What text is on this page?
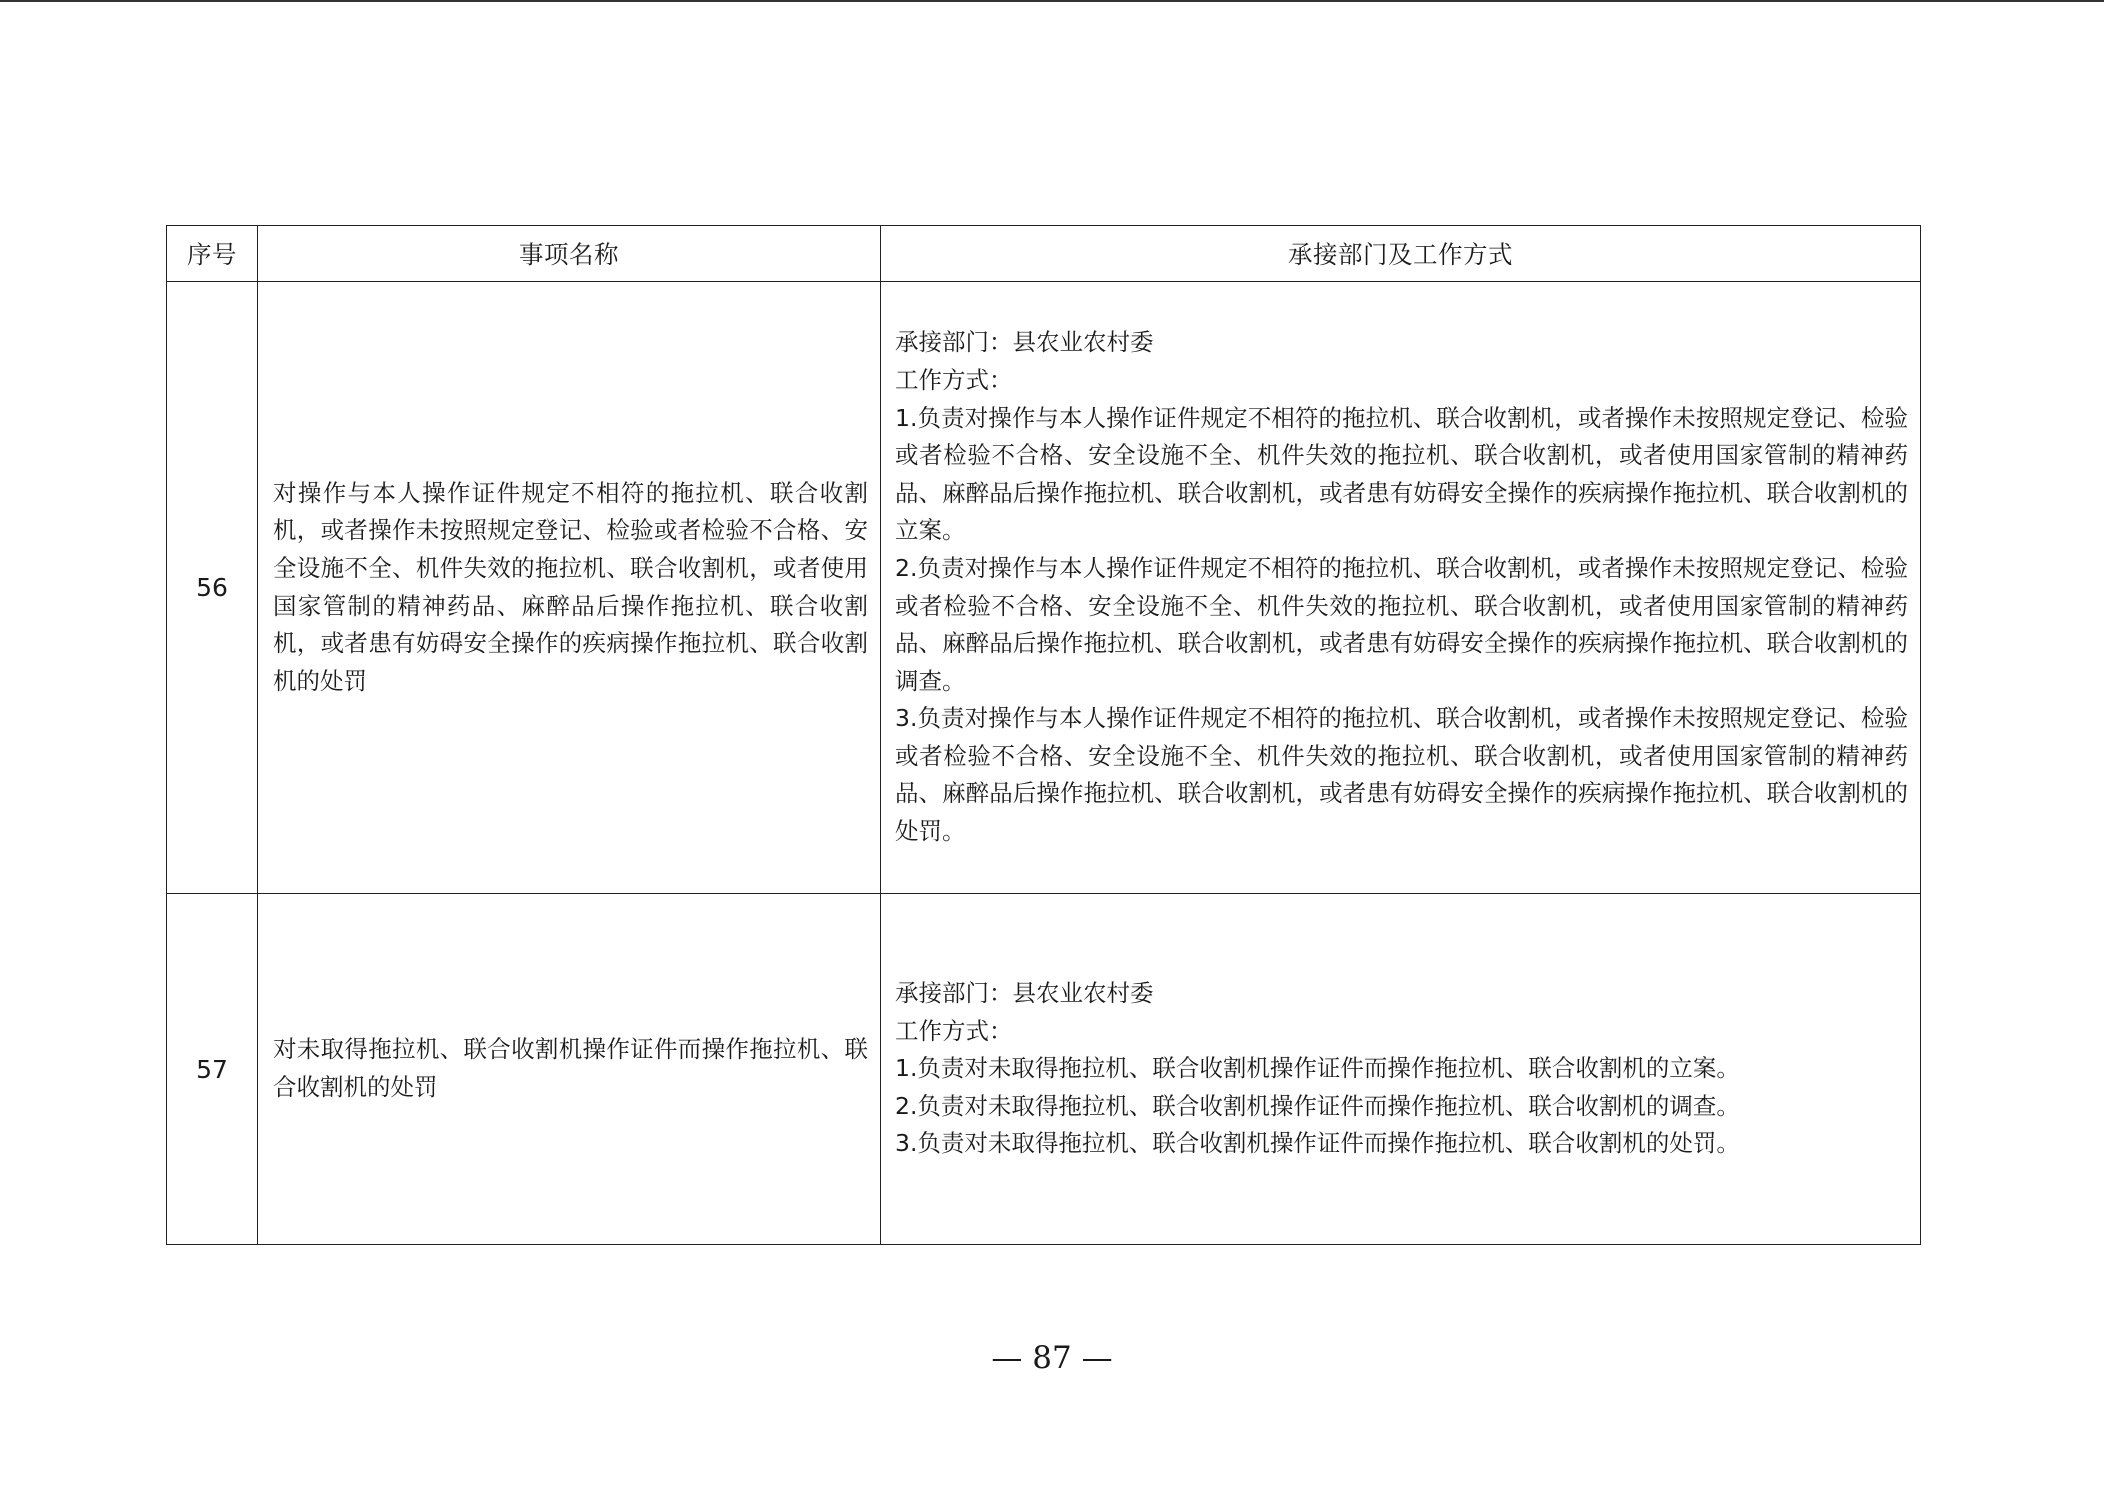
序号	事项名称	承接部门及工作方式
56	对操作与本人操作证件规定不相符的拖拉机、联合收割机，或者操作未按照规定登记、检验或者检验不合格、安全设施不全、机件失效的拖拉机、联合收割机，或者使用国家管制的精神药品、麻醉品后操作拖拉机、联合收割机，或者患有妨碍安全操作的疾病操作拖拉机、联合收割机的处罚	承接部门：县农业农村委
工作方式：
1.负责对操作与本人操作证件规定不相符的拖拉机、联合收割机，或者操作未按照规定登记、检验或者检验不合格、安全设施不全、机件失效的拖拉机、联合收割机，或者使用国家管制的精神药品、麻醉品后操作拖拉机、联合收割机，或者患有妨碍安全操作的疾病操作拖拉机、联合收割机的立案。
2.负责对操作与本人操作证件规定不相符的拖拉机、联合收割机，或者操作未按照规定登记、检验或者检验不合格、安全设施不全、机件失效的拖拉机、联合收割机，或者使用国家管制的精神药品、麻醉品后操作拖拉机、联合收割机，或者患有妨碍安全操作的疾病操作拖拉机、联合收割机的调查。
3.负责对操作与本人操作证件规定不相符的拖拉机、联合收割机，或者操作未按照规定登记、检验或者检验不合格、安全设施不全、机件失效的拖拉机、联合收割机，或者使用国家管制的精神药品、麻醉品后操作拖拉机、联合收割机，或者患有妨碍安全操作的疾病操作拖拉机、联合收割机的处罚。

57	对未取得拖拉机、联合收割机操作证件而操作拖拉机、联合收割机的处罚	承接部门：县农业农村委
工作方式：
1.负责对未取得拖拉机、联合收割机操作证件而操作拖拉机、联合收割机的立案。
2.负责对未取得拖拉机、联合收割机操作证件而操作拖拉机、联合收割机的调查。
3.负责对未取得拖拉机、联合收割机操作证件而操作拖拉机、联合收割机的处罚。
— 87 —
